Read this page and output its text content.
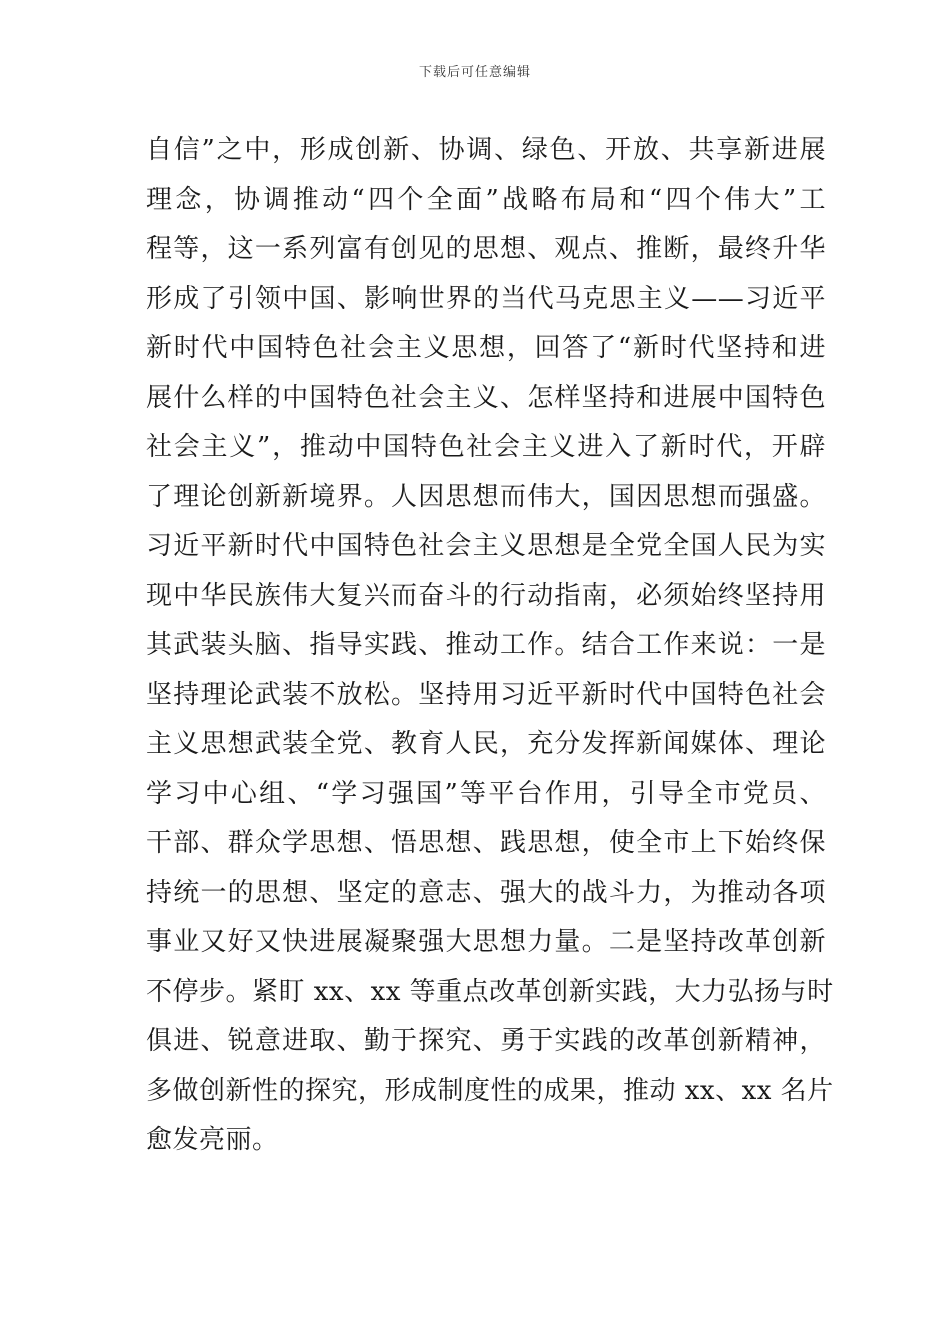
下载后可任意编辑
自信”之中，形成创新、协调、绿色、开放、共享新进展
理念，协调推动“四个全面”战略布局和“四个伟大”工
程等，这一系列富有创见的思想、观点、推断，最终升华
形成了引领中国、影响世界的当代马克思主义——习近平
新时代中国特色社会主义思想，回答了“新时代坚持和进
展什么样的中国特色社会主义、怎样坚持和进展中国特色
社会主义”，推动中国特色社会主义进入了新时代，开辟
了理论创新新境界。人因思想而伟大，国因思想而强盛。
习近平新时代中国特色社会主义思想是全党全国人民为实
现中华民族伟大复兴而奋斗的行动指南，必须始终坚持用
其武装头脑、指导实践、推动工作。结合工作来说：一是
坚持理论武装不放松。坚持用习近平新时代中国特色社会
主义思想武装全党、教育人民，充分发挥新闻媒体、理论
学习中心组、“学习强国”等平台作用，引导全市党员、
干部、群众学思想、悟思想、践思想，使全市上下始终保
持统一的思想、坚定的意志、强大的战斗力，为推动各项
事业又好又快进展凝聚强大思想力量。二是坚持改革创新
不停步。紧盯 xx、xx 等重点改革创新实践，大力弘扬与时
俱进、锐意进取、勤于探究、勇于实践的改革创新精神，
多做创新性的探究，形成制度性的成果，推动 xx、xx 名片
愈发亮丽。
